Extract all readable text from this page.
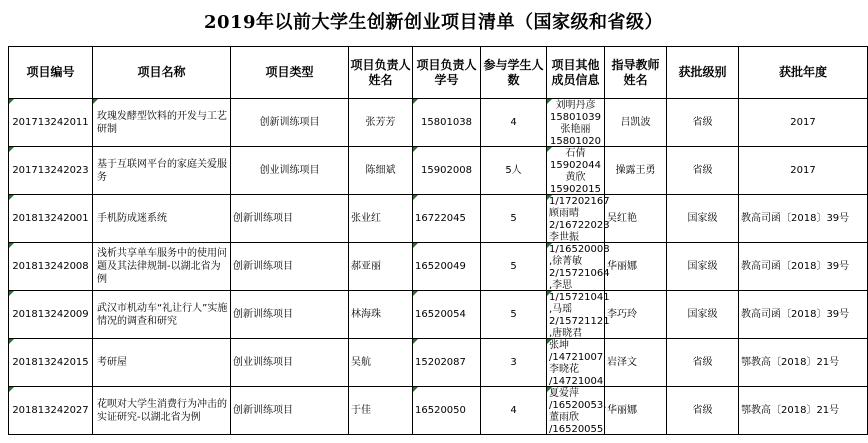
2019年以前大学生创新创业项目清单（国家级和省级）
项目编号	项目名称	项目类型	项目负责人姓名	项目负责人学号	参与学生人数	项目其他成员信息	指导教师姓名	获批级别	获批年度
201713242011	玫瑰发酵型饮料的开发与工艺研制	创新训练项目	张芳芳	15801038	4	刘明丹彦
15801039
张艳丽
15801020	吕凯波	省级	2017
201713242023	基于互联网平台的家庭关爱服务	创业训练项目	陈细斌	15902008	5人	石倩
15902044
黄欣
15902015	操露王勇	省级	2017
201813242001	手机防成迷系统	创新训练项目	张业红	16722045	5	1/17202167
顾雨晴
2/16722023
李世振	吴红艳	国家级	教高司函〔2018〕39号
201813242008	浅析共享单车服务中的使用问题及其法律规制-以湖北省为例	创新训练项目	郝亚丽	16520049	5	1/16520008
,徐菁敏
2/15721064
,李思	华丽娜	国家级	教高司函〔2018〕39号
201813242009	武汉市机动车“礼让行人”实施情况的调查和研究	创新训练项目	林海珠	16520054	5	1/15721041
,马瑶
2/15721121
,唐晓君	李巧玲	国家级	教高司函〔2018〕39号
201813242015	考研屋	创业训练项目	吴航	15202087	3	张坤
/14721007
李晓花
/14721004	岩泽文	省级	鄂教高〔2018〕21号
201813242027	花呗对大学生消费行为冲击的实证研究-以湖北省为例	创新训练项目	于佳	16520050	4	夏爱萍
/16520053,
董雨欣
/16520055	华丽娜	省级	鄂教高〔2018〕21号
